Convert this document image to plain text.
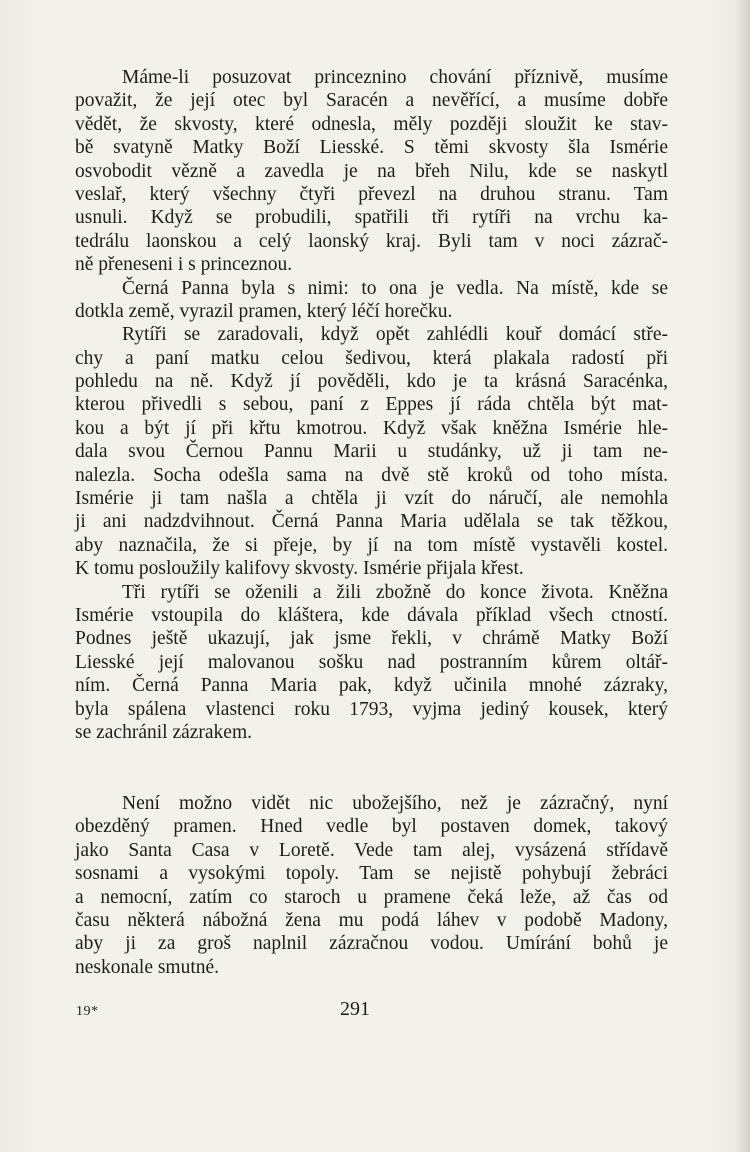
Máme-li posuzovat princeznino chování příznivě, musíme
považit, že její otec byl Saracén a nevěřící, a musíme dobře
vědět, že skvosty, které odnesla, měly později sloužit ke stav-
bě svatyně Matky Boží Liesské. S těmi skvosty šla Ismérie
osvobodit vězně a zavedla je na břeh Nilu, kde se naskytl
veslař, který všechny čtyři převezl na druhou stranu. Tam
usnuli. Když se probudili, spatřili tři rytíři na vrchu ka-
tedrálu laonskou a celý laonský kraj. Byli tam v noci zázrač-
ně přeneseni i s princeznou.
Černá Panna byla s nimi: to ona je vedla. Na místě, kde se
dotkla země, vyrazil pramen, který léčí horečku.
Rytíři se zaradovali, když opět zahlédli kouř domácí stře-
chy a paní matku celou šedivou, která plakala radostí při
pohledu na ně. Když jí pověděli, kdo je ta krásná Saracénka,
kterou přivedli s sebou, paní z Eppes jí ráda chtěla být mat-
kou a být jí při křtu kmotrou. Když však kněžna Ismérie hle-
dala svou Černou Pannu Marii u studánky, už ji tam ne-
nalezla. Socha odešla sama na dvě stě kroků od toho místa.
Ismérie ji tam našla a chtěla ji vzít do náručí, ale nemohla
ji ani nadzdvihnout. Černá Panna Maria udělala se tak těžkou,
aby naznačila, že si přeje, by jí na tom místě vystavěli kostel.
K tomu posloužily kalifovy skvosty. Ismérie přijala křest.
Tři rytíři se oženili a žili zbožně do konce života. Kněžna
Ismérie vstoupila do kláštera, kde dávala příklad všech ctností.
Podnes ještě ukazují, jak jsme řekli, v chrámě Matky Boží
Liesské její malovanou sošku nad postranním kůrem oltář-
ním. Černá Panna Maria pak, když učinila mnohé zázraky,
byla spálena vlastenci roku 1793, vyjma jediný kousek, který
se zachránil zázrakem.
Není možno vidět nic ubožejšího, než je zázračný, nyní
obezděný pramen. Hned vedle byl postaven domek, takový
jako Santa Casa v Loretě. Vede tam alej, vysázená střídavě
sosnami a vysokými topoly. Tam se nejistě pohybují žebráci
a nemocní, zatím co staroch u pramene čeká leže, až čas od
času některá nábožná žena mu podá láhev v podobě Madony,
aby ji za groš naplnil zázračnou vodou. Umírání bohů je
neskonale smutné.
19*	291
